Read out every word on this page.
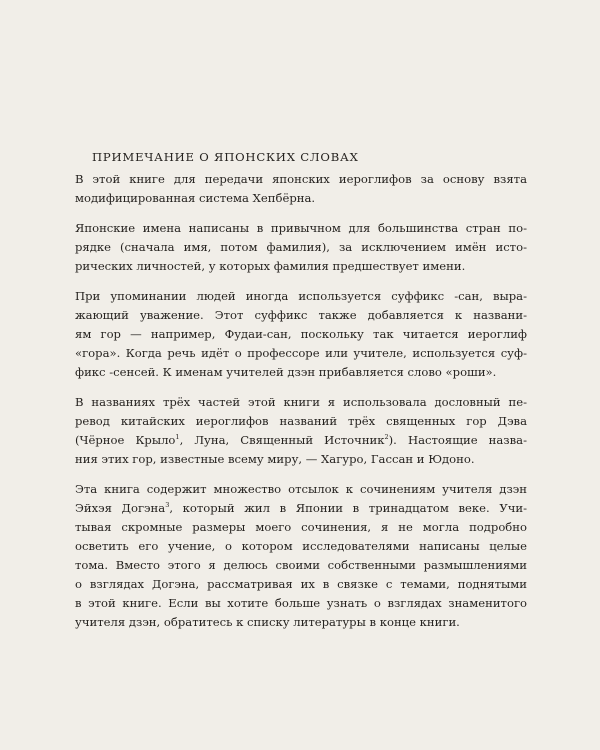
ПРИМЕЧАНИЕ О ЯПОНСКИХ СЛОВАХ

В этой книге для передачи японских иероглифов за основу взята
модифицированная система Хепбёрна.

Японские имена написаны в привычном для большинства стран по-
рядке (сначала имя, потом фамилия), за исключением имён истo-
рических личностей, у которых фамилия предшествует имени.

При упоминании людей иногда используется суффикс -сан, выра-
жающий уважение. Этот суффикс также добавляется к названи-
ям гор — например, Фудаи-сан, поскольку так читается иероглиф
«гора». Когда речь идёт о профессоре или учителе, используется суф-
фикс -сенсей. К именам учителей дзэн прибавляется слово «роши».

В названиях трёх частей этой книги я использовала дословный пе-
ревод китайских иероглифов названий трёх священных гор Дэва
(Чёрное Крыло$^1$, Луна, Священный Источник$^2$). Настоящие назва-
ния этих гор, известные всему миру, — Хагуро, Гассан и Юдоно.

Эта книга содержит множество отсылок к сочинениям учителя дзэн
Эйхэя Догэна$^3$, который жил в Японии в тринадцатом веке. Учи-
тывая скромные размеры моего сочинения, я не могла подробно
осветить его учение, о котором исследователями написаны целые
тома. Вместо этого я делюсь своими собственными размышлениями
о взглядах Догэна, рассматривая их в связке с темами, поднятыми
в этой книге. Если вы хотите больше узнать о взглядах знаменитого
учителя дзэн, обратитесь к списку литературы в конце книги.
